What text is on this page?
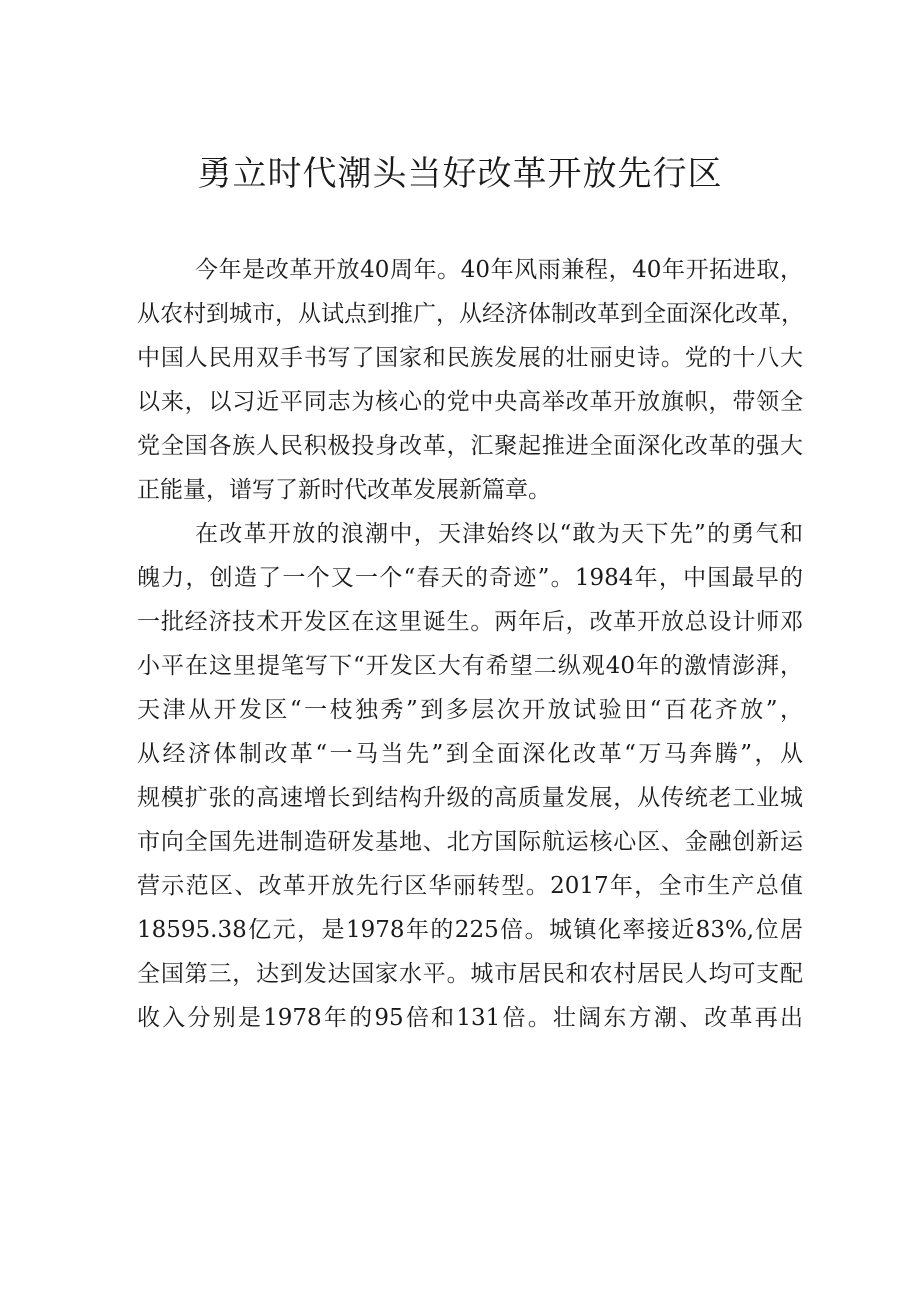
勇立时代潮头当好改革开放先行区
今年是改革开放40周年。40年风雨兼程，40年开拓进取，
从农村到城市，从试点到推广，从经济体制改革到全面深化改革，
中国人民用双手书写了国家和民族发展的壮丽史诗。党的十八大
以来，以习近平同志为核心的党中央高举改革开放旗帜，带领全
党全国各族人民积极投身改革，汇聚起推进全面深化改革的强大
正能量，谱写了新时代改革发展新篇章。
在改革开放的浪潮中，天津始终以“敢为天下先”的勇气和
魄力，创造了一个又一个“春天的奇迹”。1984年，中国最早的
一批经济技术开发区在这里诞生。两年后，改革开放总设计师邓
小平在这里提笔写下“开发区大有希望二纵观40年的激情澎湃，
天津从开发区“一枝独秀”到多层次开放试验田“百花齐放”，
从经济体制改革“一马当先”到全面深化改革“万马奔腾”，从
规模扩张的高速增长到结构升级的高质量发展，从传统老工业城
市向全国先进制造研发基地、北方国际航运核心区、金融创新运
营示范区、改革开放先行区华丽转型。2017年，全市生产总值
18595.38亿元，是1978年的225倍。城镇化率接近83%,位居
全国第三，达到发达国家水平。城市居民和农村居民人均可支配
收入分别是1978年的95倍和131倍。壮阔东方潮、改革再出
